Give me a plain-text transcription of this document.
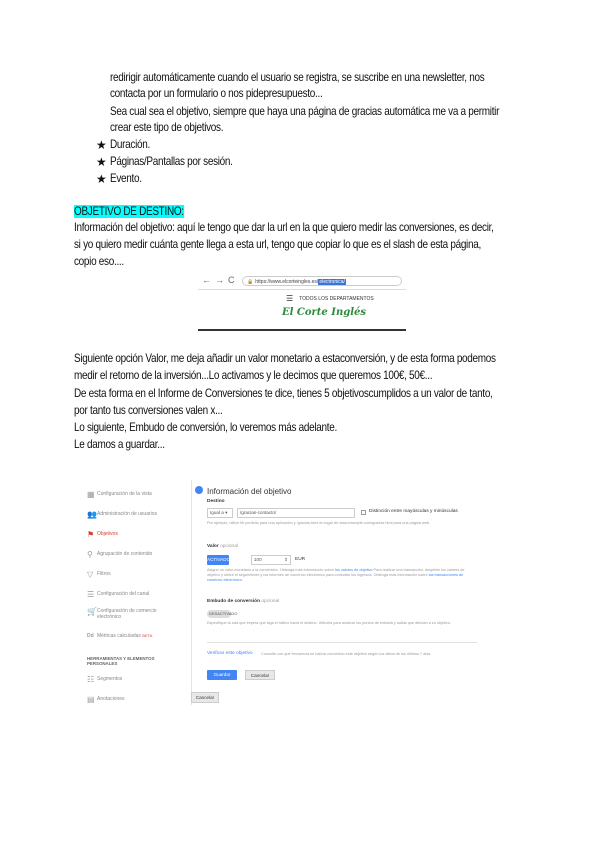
redirigir automáticamente cuando el usuario se registra, se suscribe en una newsletter, nos
contacta por un formulario o nos pidepresupuesto...
Sea cual sea el objetivo, siempre que haya una página de gracias automática me va a permitir
crear este tipo de objetivos.
★ Duración.
★ Páginas/Pantallas por sesión.
★ Evento.
OBJETIVO DE DESTINO:
Información del objetivo: aquí le tengo que dar la url en la que quiero medir las conversiones, es decir,
si yo quiero medir cuánta gente llega a esta url, tengo que copiar lo que es el slash de esta página,
copio eso....
← → C	🔒 https://www.elcorteingles.es/electronica/
☰ TODOS LOS DEPARTAMENTOS
El Corte Inglés
Siguiente opción Valor, me deja añadir un valor monetario a estaconversión, y de esta forma podemos
medir el retorno de la inversión...Lo activamos y le decimos que queremos 100€, 50€...
De esta forma en el Informe de Conversiones te dice, tienes 5 objetivoscumplidos a un valor de tanto,
por tanto tus conversiones valen x...
Lo siguiente, Embudo de conversión, lo veremos más adelante.
Le damos a guardar...
▦ Configuración de la vista
👥 Administración de usuarios
⚑ Objetivos
⚲ Agrupación de contenido
▽ Filtros
☰ Configuración del canal
🛒 Configuración de comercio electrónico
Dd Métricas calculadas
BETA
HERRAMIENTAS Y ELEMENTOS PERSONALES
☷ Segmentos
▤ Anotaciones
Información del objetivo
Destino
Igual a ▾	/gracias-contacto/	Distinción entre mayúsculas y minúsculas
Por ejemplo, utilice Mi portfolio para una aplicación y /gracias.html en lugar de www.example.com/gracias.html para una página web.
Valor opcional
ACTIVADO	100	⇕ EUR
Asigne un valor monetario a la conversión. Obtenga más información sobre los valores de objetivo Para realizar una transacción, despliele los valores de objetivo y utilice el seguimiento y los informes de comercio electrónico para consultar los ingresos. Obtenga más información sobre las transacciones de comercio electrónico.
Embudo de conversión opcional
DESACTIVADO
Especifique la ruta que espera que siga el tráfico hacia el destino. Utilícela para analizar los puntos de entrada y salida que afectan a su objetivo.
Verificar este objetivo Consulte con qué frecuencia se habría convertido este objetivo según los datos de los últimos 7 días.
Guardar	Cancelar
Cancelar
